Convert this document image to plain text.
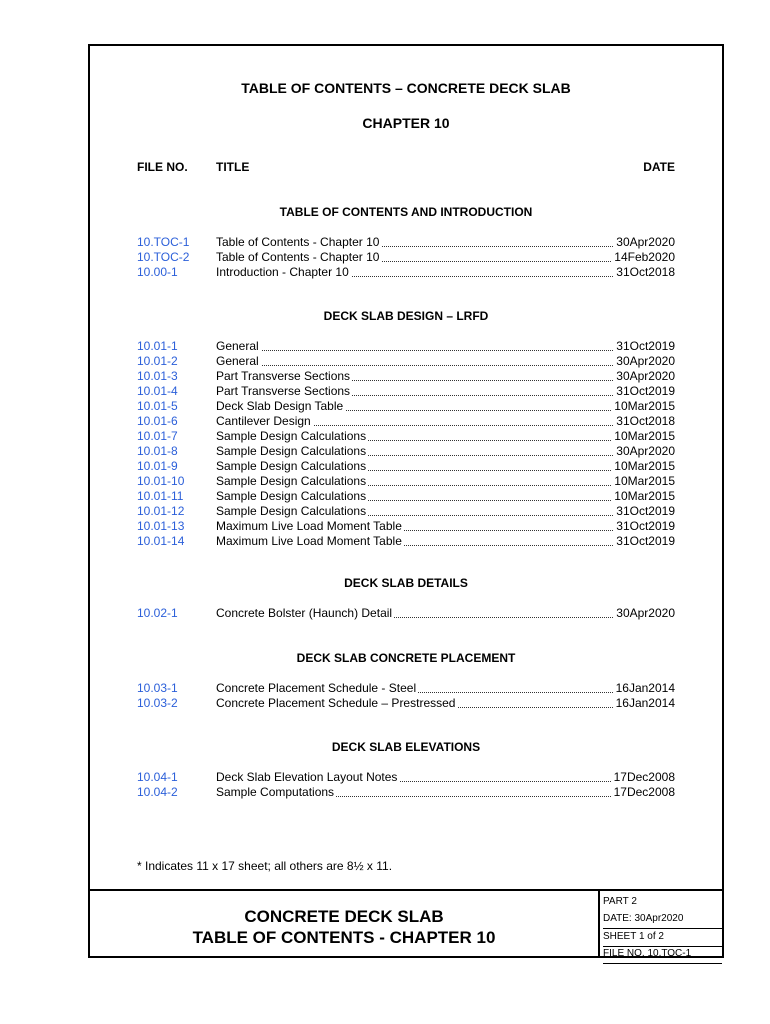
TABLE OF CONTENTS – CONCRETE DECK SLAB
CHAPTER 10
FILE NO. TITLE	DATE
TABLE OF CONTENTS AND INTRODUCTION
10.TOC-1 Table of Contents - Chapter 10	30Apr2020
10.TOC-2 Table of Contents - Chapter 10	14Feb2020
10.00-1	Introduction - Chapter 10	31Oct2018
DECK SLAB DESIGN – LRFD
10.01-1	General	31Oct2019
10.01-2	General	30Apr2020
10.01-3	Part Transverse Sections	30Apr2020
10.01-4	Part Transverse Sections	31Oct2019
10.01-5	Deck Slab Design Table	10Mar2015
10.01-6	Cantilever Design	31Oct2018
10.01-7	Sample Design Calculations	10Mar2015
10.01-8	Sample Design Calculations	30Apr2020
10.01-9	Sample Design Calculations	10Mar2015
10.01-10	Sample Design Calculations	10Mar2015
10.01-11	Sample Design Calculations	10Mar2015
10.01-12	Sample Design Calculations	31Oct2019
10.01-13	Maximum Live Load Moment Table	31Oct2019
10.01-14	Maximum Live Load Moment Table	31Oct2019
DECK SLAB DETAILS
10.02-1	Concrete Bolster (Haunch) Detail	30Apr2020
DECK SLAB CONCRETE PLACEMENT
10.03-1	Concrete Placement Schedule - Steel	16Jan2014
10.03-2	Concrete Placement Schedule – Prestressed	16Jan2014
DECK SLAB ELEVATIONS
10.04-1	Deck Slab Elevation Layout Notes	17Dec2008
10.04-2	Sample Computations	17Dec2008
* Indicates 11 x 17 sheet; all others are 8½ x 11.
CONCRETE DECK SLAB
TABLE OF CONTENTS - CHAPTER 10
PART 2
DATE: 30Apr2020
SHEET 1 of 2
FILE NO. 10.TOC-1
